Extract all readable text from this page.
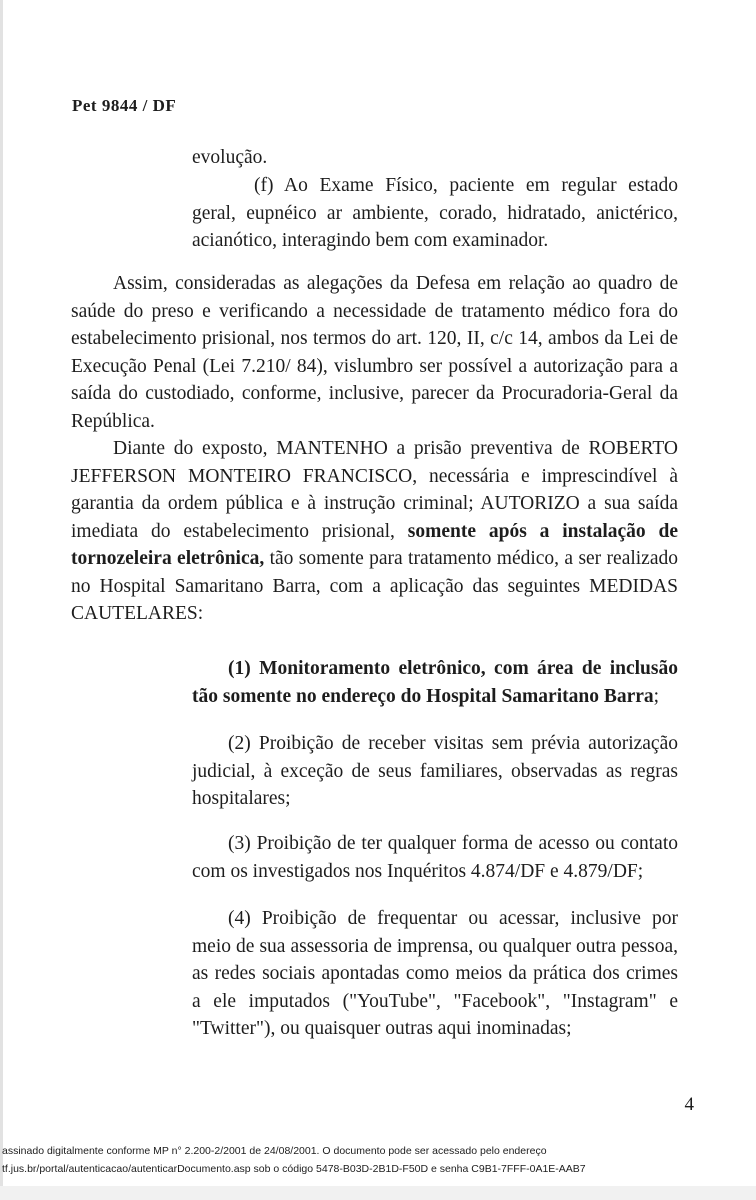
Pet 9844 / DF
evolução.
(f) Ao Exame Físico, paciente em regular estado geral, eupnéico ar ambiente, corado, hidratado, anictérico, acianótico, interagindo bem com examinador.
Assim, consideradas as alegações da Defesa em relação ao quadro de saúde do preso e verificando a necessidade de tratamento médico fora do estabelecimento prisional, nos termos do art. 120, II, c/c 14, ambos da Lei de Execução Penal (Lei 7.210/ 84), vislumbro ser possível a autorização para a saída do custodiado, conforme, inclusive, parecer da Procuradoria-Geral da República.
Diante do exposto, MANTENHO a prisão preventiva de ROBERTO JEFFERSON MONTEIRO FRANCISCO, necessária e imprescindível à garantia da ordem pública e à instrução criminal; AUTORIZO a sua saída imediata do estabelecimento prisional, somente após a instalação de tornozeleira eletrônica, tão somente para tratamento médico, a ser realizado no Hospital Samaritano Barra, com a aplicação das seguintes MEDIDAS CAUTELARES:
(1) Monitoramento eletrônico, com área de inclusão tão somente no endereço do Hospital Samaritano Barra;
(2) Proibição de receber visitas sem prévia autorização judicial, à exceção de seus familiares, observadas as regras hospitalares;
(3) Proibição de ter qualquer forma de acesso ou contato com os investigados nos Inquéritos 4.874/DF e 4.879/DF;
(4) Proibição de frequentar ou acessar, inclusive por meio de sua assessoria de imprensa, ou qualquer outra pessoa, as redes sociais apontadas como meios da prática dos crimes a ele imputados ("YouTube", "Facebook", "Instagram" e "Twitter"), ou quaisquer outras aqui inominadas;
4
assinado digitalmente conforme MP n° 2.200-2/2001 de 24/08/2001. O documento pode ser acessado pelo endereço
tf.jus.br/portal/autenticacao/autenticarDocumento.asp sob o código 5478-B03D-2B1D-F50D e senha C9B1-7FFF-0A1E-AAB7
